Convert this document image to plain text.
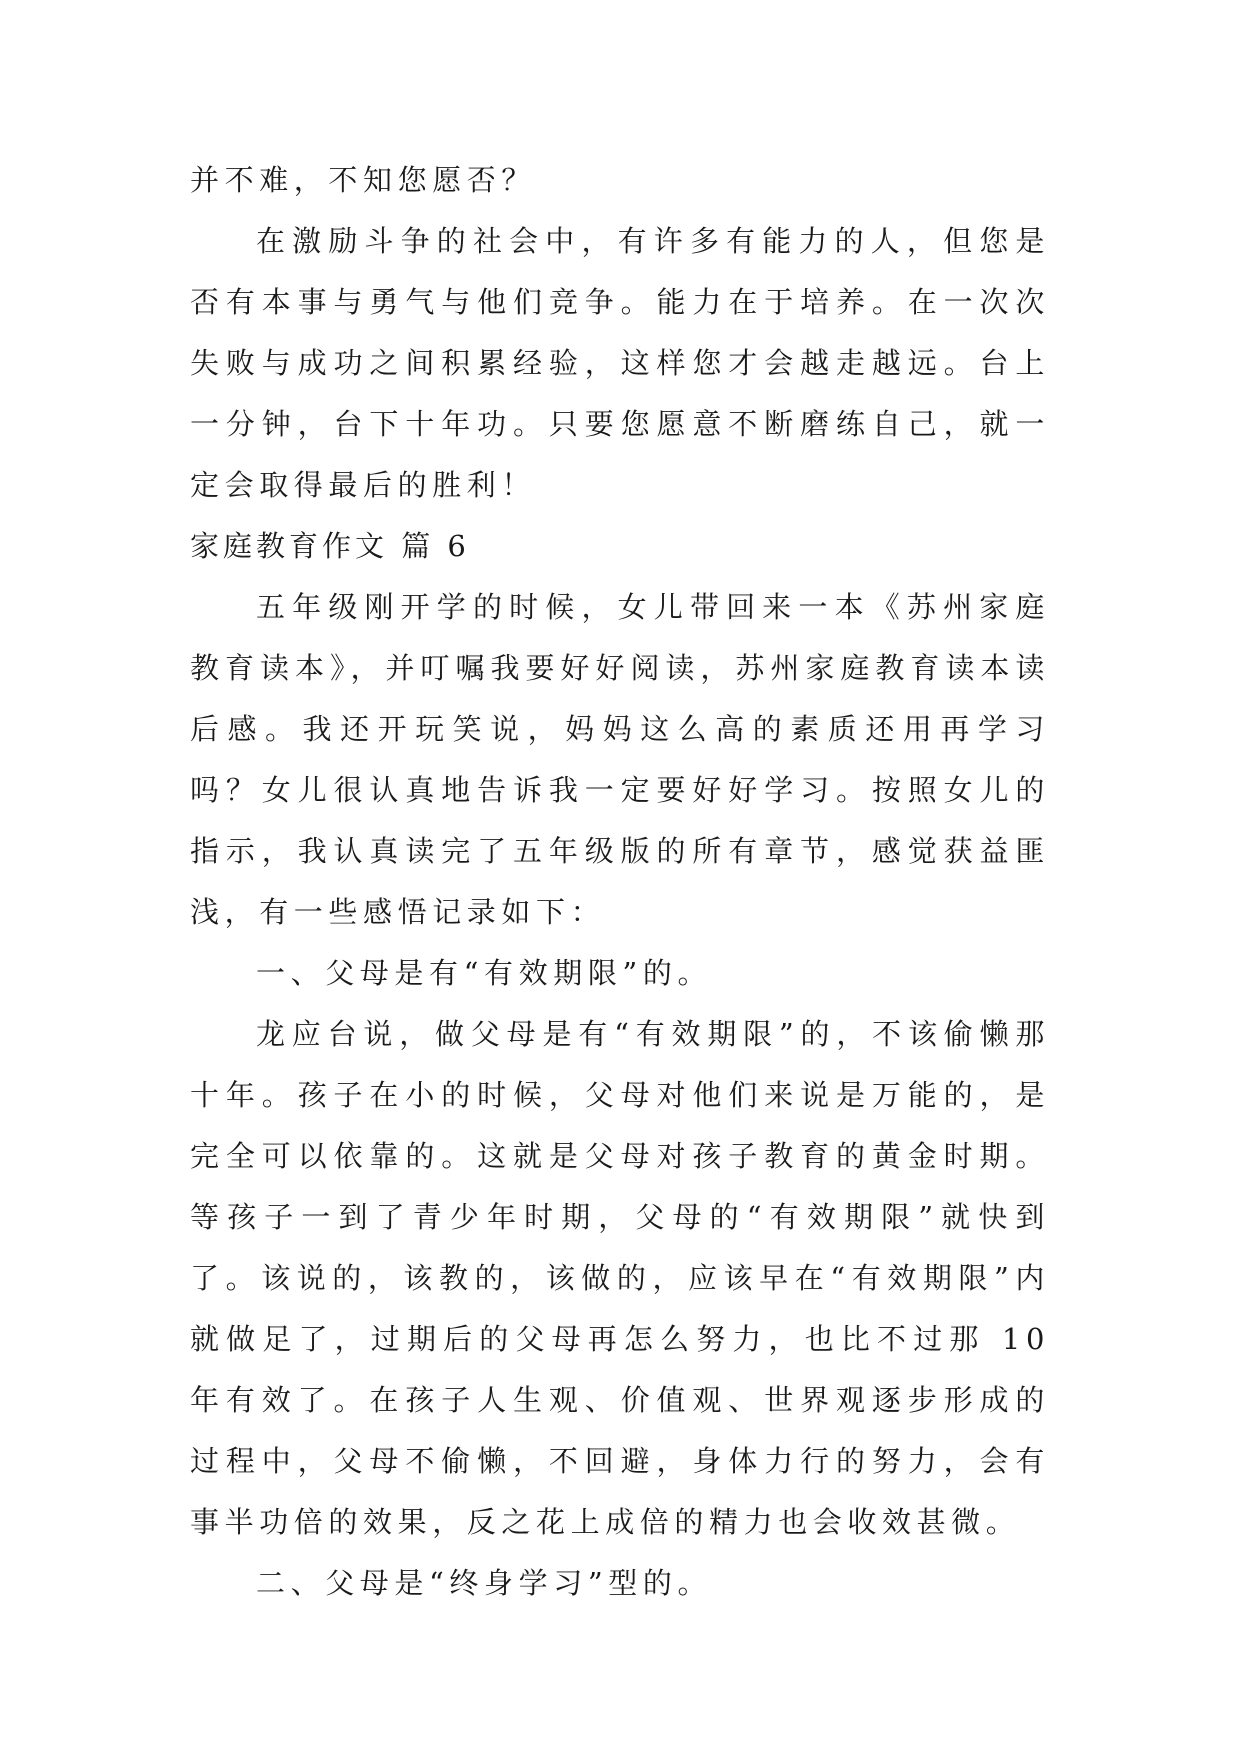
并不难，不知您愿否？

在激励斗争的社会中，有许多有能力的人，但您是否有本事与勇气与他们竞争。能力在于培养。在一次次失败与成功之间积累经验，这样您才会越走越远。台上一分钟，台下十年功。只要您愿意不断磨练自己，就一定会取得最后的胜利！

家庭教育作文 篇 6

五年级刚开学的时候，女儿带回来一本《苏州家庭教育读本》，并叮嘱我要好好阅读，苏州家庭教育读本读后感。我还开玩笑说，妈妈这么高的素质还用再学习吗？女儿很认真地告诉我一定要好好学习。按照女儿的指示，我认真读完了五年级版的所有章节，感觉获益匪浅，有一些感悟记录如下：

一、父母是有“有效期限”的。

龙应台说，做父母是有“有效期限”的，不该偷懒那十年。孩子在小的时候，父母对他们来说是万能的，是完全可以依靠的。这就是父母对孩子教育的黄金时期。等孩子一到了青少年时期，父母的“有效期限”就快到了。该说的，该教的，该做的，应该早在“有效期限”内就做足了，过期后的父母再怎么努力，也比不过那 10 年有效了。在孩子人生观、价值观、世界观逐步形成的过程中，父母不偷懒，不回避，身体力行的努力，会有事半功倍的效果，反之花上成倍的精力也会收效甚微。

二、父母是“终身学习”型的。
